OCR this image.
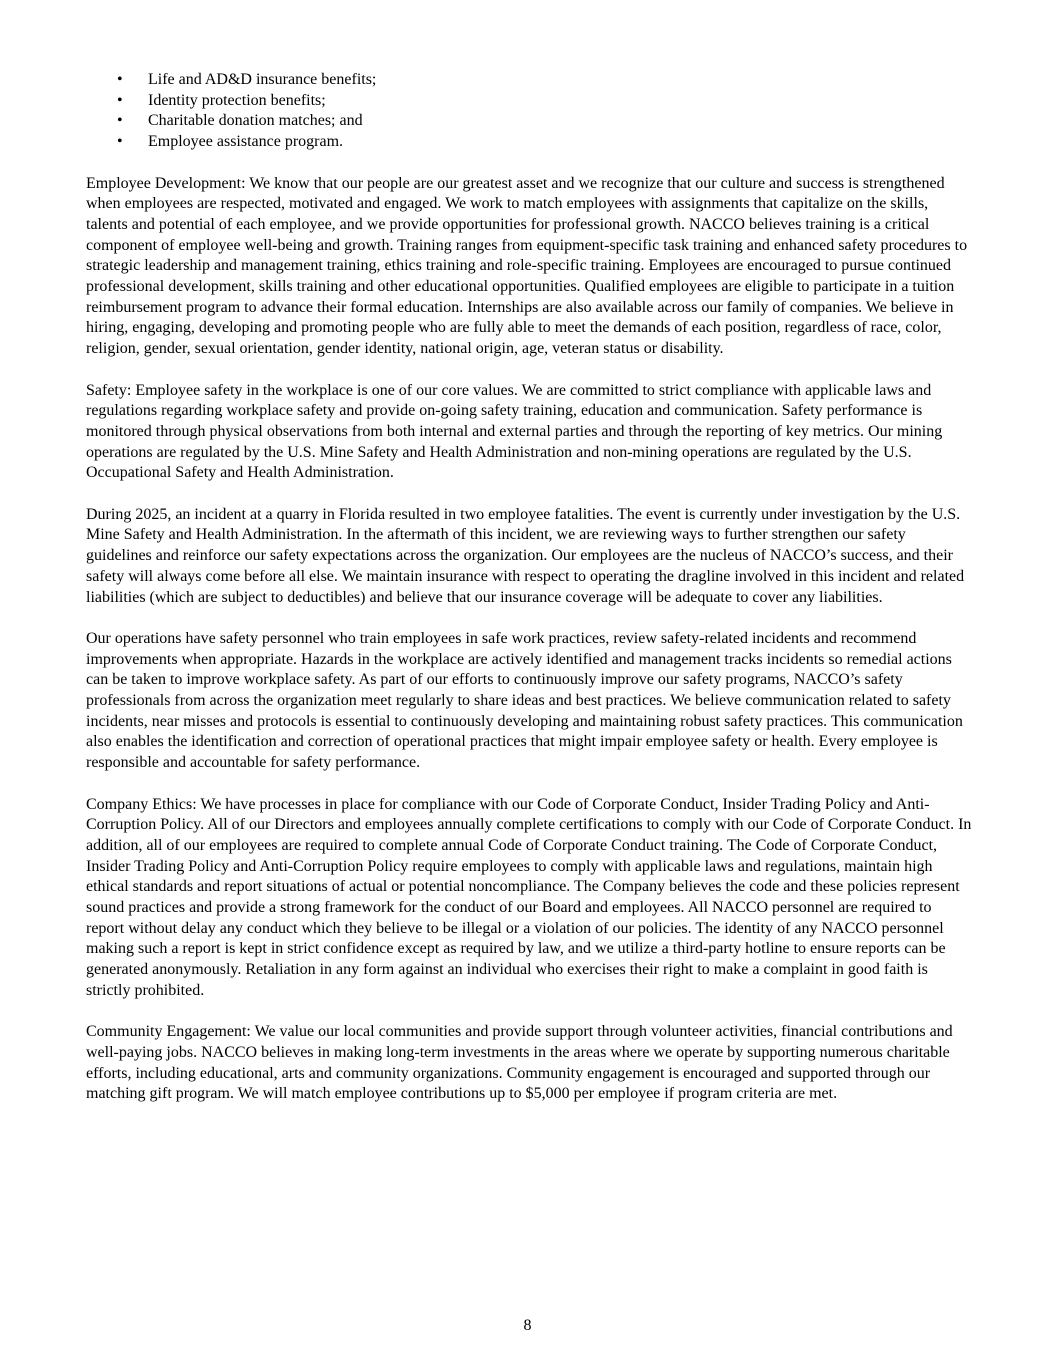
• Life and AD&D insurance benefits;
• Identity protection benefits;
• Charitable donation matches; and
• Employee assistance program.

Employee Development: We know that our people are our greatest asset and we recognize that our culture and success is strengthened when employees are respected, motivated and engaged. We work to match employees with assignments that capitalize on the skills, talents and potential of each employee, and we provide opportunities for professional growth. NACCO believes training is a critical component of employee well-being and growth. Training ranges from equipment-specific task training and enhanced safety procedures to strategic leadership and management training, ethics training and role-specific training. Employees are encouraged to pursue continued professional development, skills training and other educational opportunities. Qualified employees are eligible to participate in a tuition reimbursement program to advance their formal education. Internships are also available across our family of companies. We believe in hiring, engaging, developing and promoting people who are fully able to meet the demands of each position, regardless of race, color, religion, gender, sexual orientation, gender identity, national origin, age, veteran status or disability.

Safety: Employee safety in the workplace is one of our core values. We are committed to strict compliance with applicable laws and regulations regarding workplace safety and provide on-going safety training, education and communication. Safety performance is monitored through physical observations from both internal and external parties and through the reporting of key metrics. Our mining operations are regulated by the U.S. Mine Safety and Health Administration and non-mining operations are regulated by the U.S. Occupational Safety and Health Administration.

During 2025, an incident at a quarry in Florida resulted in two employee fatalities. The event is currently under investigation by the U.S. Mine Safety and Health Administration. In the aftermath of this incident, we are reviewing ways to further strengthen our safety guidelines and reinforce our safety expectations across the organization. Our employees are the nucleus of NACCO’s success, and their safety will always come before all else. We maintain insurance with respect to operating the dragline involved in this incident and related liabilities (which are subject to deductibles) and believe that our insurance coverage will be adequate to cover any liabilities.

Our operations have safety personnel who train employees in safe work practices, review safety-related incidents and recommend improvements when appropriate. Hazards in the workplace are actively identified and management tracks incidents so remedial actions can be taken to improve workplace safety. As part of our efforts to continuously improve our safety programs, NACCO’s safety professionals from across the organization meet regularly to share ideas and best practices. We believe communication related to safety incidents, near misses and protocols is essential to continuously developing and maintaining robust safety practices. This communication also enables the identification and correction of operational practices that might impair employee safety or health. Every employee is responsible and accountable for safety performance.

Company Ethics: We have processes in place for compliance with our Code of Corporate Conduct, Insider Trading Policy and Anti-Corruption Policy. All of our Directors and employees annually complete certifications to comply with our Code of Corporate Conduct. In addition, all of our employees are required to complete annual Code of Corporate Conduct training. The Code of Corporate Conduct, Insider Trading Policy and Anti-Corruption Policy require employees to comply with applicable laws and regulations, maintain high ethical standards and report situations of actual or potential noncompliance. The Company believes the code and these policies represent sound practices and provide a strong framework for the conduct of our Board and employees. All NACCO personnel are required to report without delay any conduct which they believe to be illegal or a violation of our policies. The identity of any NACCO personnel making such a report is kept in strict confidence except as required by law, and we utilize a third-party hotline to ensure reports can be generated anonymously. Retaliation in any form against an individual who exercises their right to make a complaint in good faith is strictly prohibited.

Community Engagement: We value our local communities and provide support through volunteer activities, financial contributions and well-paying jobs. NACCO believes in making long-term investments in the areas where we operate by supporting numerous charitable efforts, including educational, arts and community organizations. Community engagement is encouraged and supported through our matching gift program. We will match employee contributions up to $5,000 per employee if program criteria are met.

8
